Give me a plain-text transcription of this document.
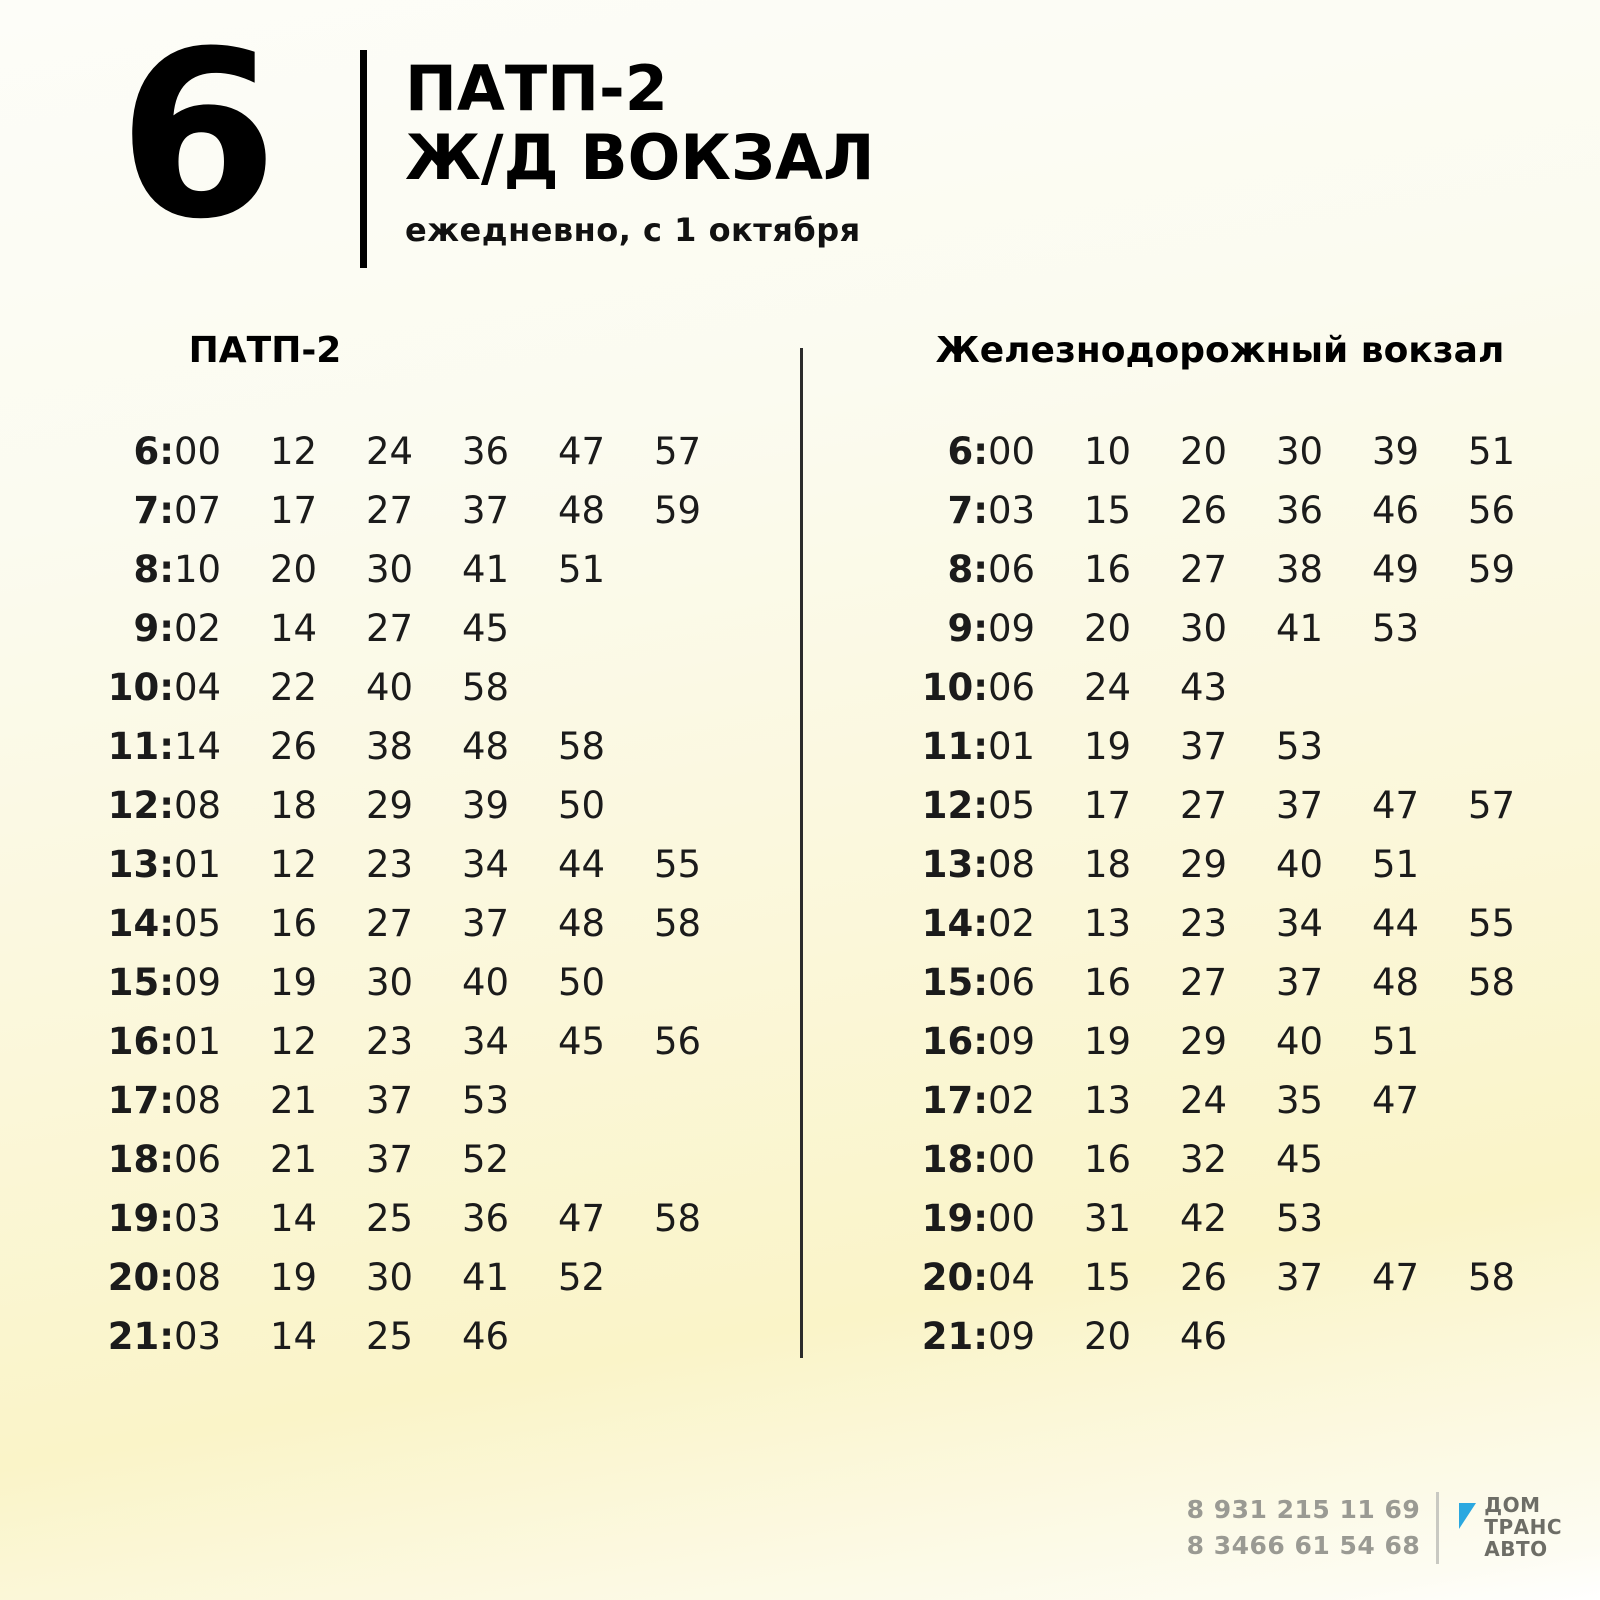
6	ПАТП-2
Ж/Д ВОКЗАЛ
ежедневно, с 1 октября
ПАТП-2
6:	00	12	24	36	47	57
7:	07	17	27	37	48	59
8:	10	20	30	41	51	
9:	02	14	27	45		
10:	04	22	40	58		
11:	14	26	38	48	58	
12:	08	18	29	39	50	
13:	01	12	23	34	44	55
14:	05	16	27	37	48	58
15:	09	19	30	40	50	
16:	01	12	23	34	45	56
17:	08	21	37	53		
18:	06	21	37	52		
19:	03	14	25	36	47	58
20:	08	19	30	41	52	
21:	03	14	25	46		
Железнодорожный вокзал
6:	00	10	20	30	39	51
7:	03	15	26	36	46	56
8:	06	16	27	38	49	59
9:	09	20	30	41	53	
10:	06	24	43			
11:	01	19	37	53		
12:	05	17	27	37	47	57
13:	08	18	29	40	51	
14:	02	13	23	34	44	55
15:	06	16	27	37	48	58
16:	09	19	29	40	51	
17:	02	13	24	35	47	
18:	00	16	32	45		
19:	00	31	42	53		
20:	04	15	26	37	47	58
21:	09	20	46			
8 931 215 11 69
8 3466 61 54 68
ДОМ
ТРАНС
АВТО
